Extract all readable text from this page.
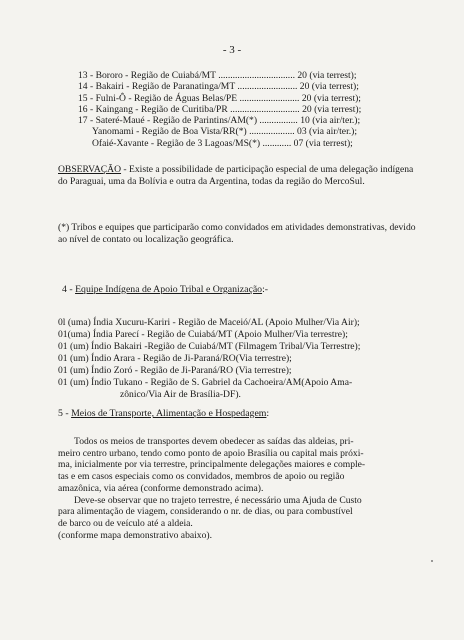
- 3 -
13 - Bororo - Região de Cuiabá/MT ................................ 20 (via terrest);
14 - Bakairi - Região de Paranatinga/MT ......................... 20 (via terrest);
15 - Fulni-Ô - Região de Águas Belas/PE ......................... 20 (via terrest);
16 - Kaingang - Região de Curitiba/PR ............................. 20 (via terrest);
17 - Sateré-Maué - Região de Parintins/AM(*) ................ 10 (via air/ter.);
Yanomami - Região de Boa Vista/RR(*) ................... 03 (via air/ter.);
Ofaié-Xavante - Região de 3 Lagoas/MS(*) ............ 07 (via terrest);
OBSERVAÇÃO - Existe a possibilidade de participação especial de uma delegação indígena do Paraguai, uma da Bolívia e outra da Argentina, todas da região do MercoSul.
(*) Tribos e equipes que participarão como convidados em atividades demonstrativas, devido ao nível de contato ou localização geográfica.
4 - Equipe Indígena de Apoio Tribal e Organização:-
0l (uma) Índia Xucuru-Kariri - Região de Maceió/AL (Apoio Mulher/Via Air);
01(uma) Índia Parecí - Região de Cuiabá/MT (Apoio Mulher/Via terrestre);
01 (um) Índio Bakairi -Região de Cuiabá/MT (Filmagem Tribal/Via Terrestre);
01 (um) Índio Arara - Região de Ji-Paraná/RO(Via terrestre);
01 (um) Índio Zoró - Região de Ji-Paraná/RO (Via terrestre);
01 (um) Índio Tukano - Região de S. Gabriel da Cachoeira/AM(Apoio Ama-
zônico/Via Air de Brasília-DF).
5 - Meios de Transporte, Alimentação e Hospedagem:

Todos os meios de transportes devem obedecer as saídas das aldeias, pri-

meiro centro urbano, tendo como ponto de apoio Brasília ou capital mais próxi-

ma, inicialmente por via terrestre, principalmente delegações maiores e comple-

tas e em casos especiais como os convidados, membros de apoio ou região

amazônica, via aérea (conforme demonstrado acima).

Deve-se observar que no trajeto terrestre, é necessário uma Ajuda de Custo

para alimentação de viagem, considerando o nr. de dias, ou para combustível

de barco ou de veículo até a aldeia.

(conforme mapa demonstrativo abaixo).
